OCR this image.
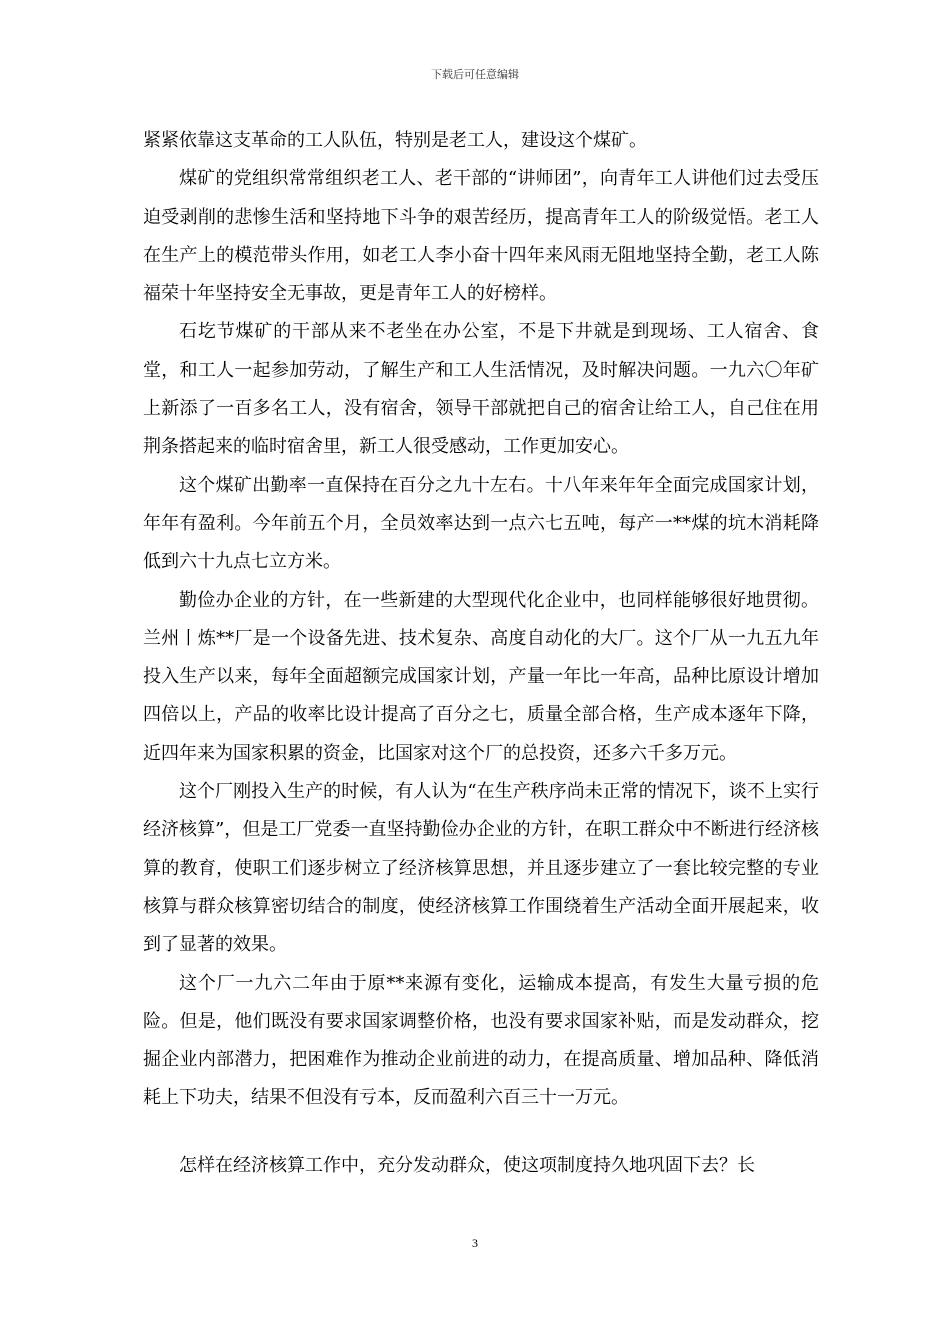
下载后可任意编辑

紧紧依靠这支革命的工人队伍，特别是老工人，建设这个煤矿。

煤矿的党组织常常组织老工人、老干部的“讲师团”，向青年工人讲他们过去受压迫受剥削的悲惨生活和坚持地下斗争的艰苦经历，提高青年工人的阶级觉悟。老工人在生产上的模范带头作用，如老工人李小奋十四年来风雨无阻地坚持全勤，老工人陈福荣十年坚持安全无事故，更是青年工人的好榜样。

石圪节煤矿的干部从来不老坐在办公室，不是下井就是到现场、工人宿舍、食堂，和工人一起参加劳动，了解生产和工人生活情况，及时解决问题。一九六〇年矿上新添了一百多名工人，没有宿舍，领导干部就把自己的宿舍让给工人，自己住在用荆条搭起来的临时宿舍里，新工人很受感动，工作更加安心。

这个煤矿出勤率一直保持在百分之九十左右。十八年来年年全面完成国家计划，年年有盈利。今年前五个月，全员效率达到一点六七五吨，每产一**煤的坑木消耗降低到六十九点七立方米。

勤俭办企业的方针，在一些新建的大型现代化企业中，也同样能够很好地贯彻。兰州丨炼**厂是一个设备先进、技术复杂、高度自动化的大厂。这个厂从一九五九年投入生产以来，每年全面超额完成国家计划，产量一年比一年高，品种比原设计增加四倍以上，产品的收率比设计提高了百分之七，质量全部合格，生产成本逐年下降，近四年来为国家积累的资金，比国家对这个厂的总投资，还多六千多万元。

这个厂刚投入生产的时候，有人认为“在生产秩序尚未正常的情况下，谈不上实行经济核算”，但是工厂党委一直坚持勤俭办企业的方针，在职工群众中不断进行经济核算的教育，使职工们逐步树立了经济核算思想，并且逐步建立了一套比较完整的专业核算与群众核算密切结合的制度，使经济核算工作围绕着生产活动全面开展起来，收到了显著的效果。

这个厂一九六二年由于原**来源有变化，运输成本提高，有发生大量亏损的危险。但是，他们既没有要求国家调整价格，也没有要求国家补贴，而是发动群众，挖掘企业内部潜力，把困难作为推动企业前进的动力，在提高质量、增加品种、降低消耗上下功夫，结果不但没有亏本，反而盈利六百三十一万元。

怎样在经济核算工作中，充分发动群众，使这项制度持久地巩固下去？长

3
